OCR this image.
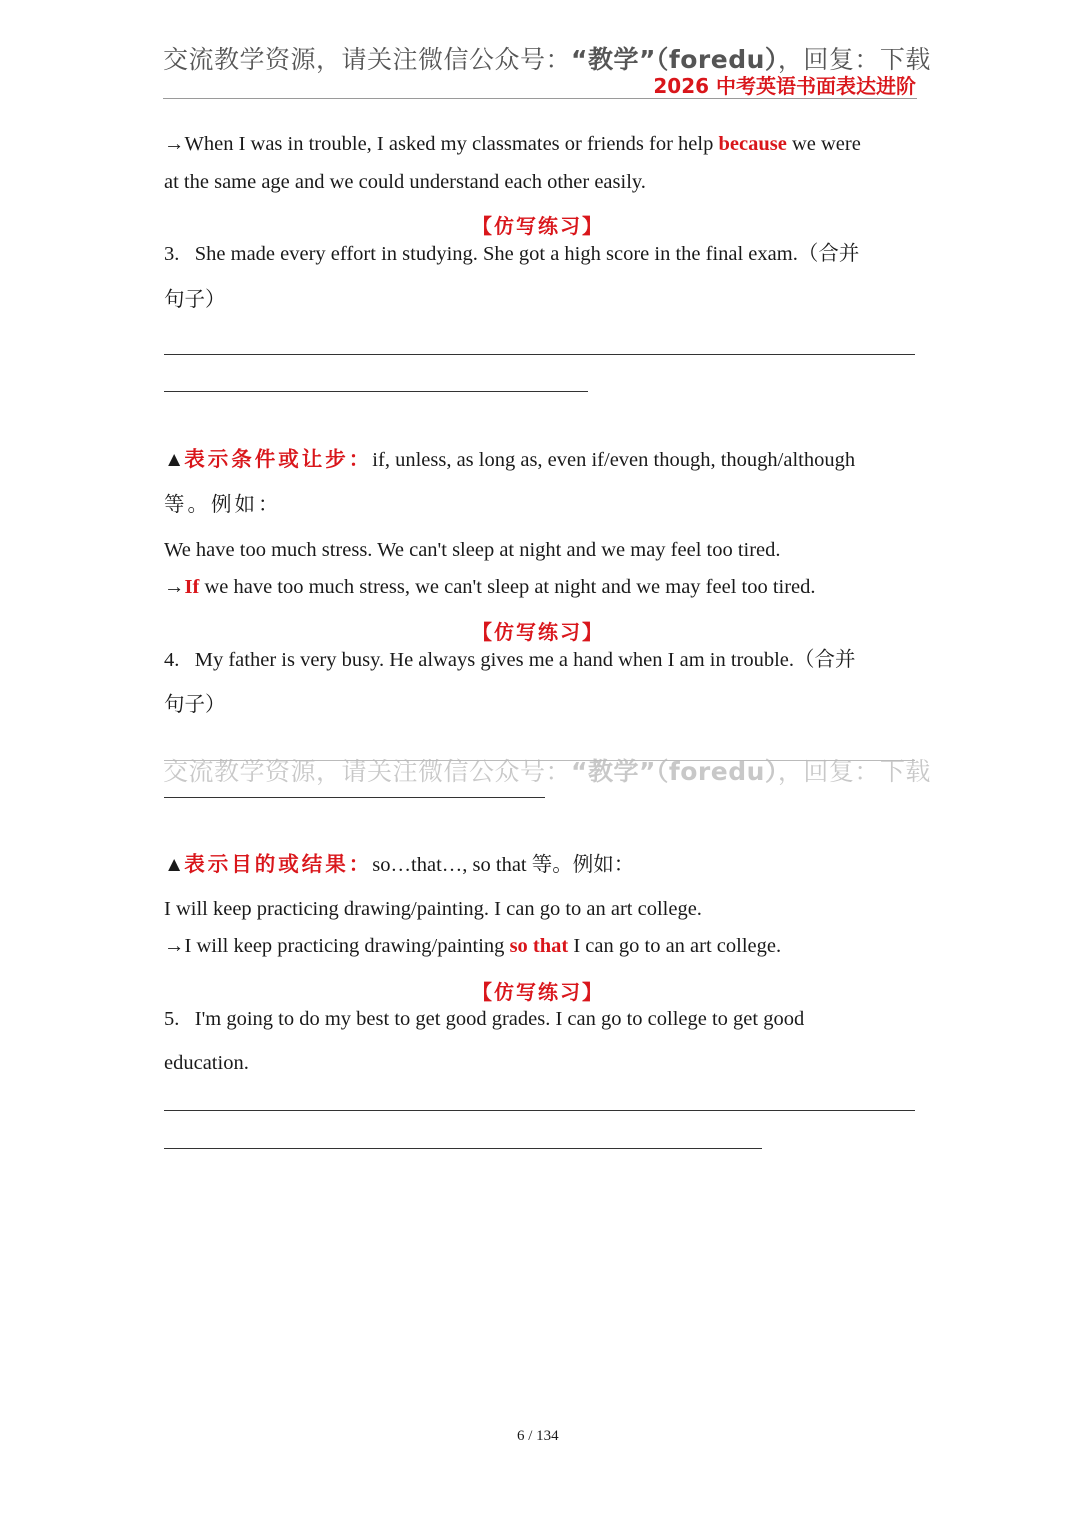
交流教学资源，请关注微信公众号：“教学”（foredu），回复：下载
2026 中考英语书面表达进阶
→When I was in trouble, I asked my classmates or friends for help because we were
at the same age and we could understand each other easily.
【仿写练习】
3. She made every effort in studying. She got a high score in the final exam.（合并
句子）
▲表示条件或让步：if, unless, as long as, even if/even though, though/although
等。例如：
We have too much stress. We can't sleep at night and we may feel too tired.
→If we have too much stress, we can't sleep at night and we may feel too tired.
【仿写练习】
4. My father is very busy. He always gives me a hand when I am in trouble.（合并
句子）
交流教学资源，请关注微信公众号：“教学”（foredu），回复：下载
▲表示目的或结果：so…that…, so that 等。例如：
I will keep practicing drawing/painting. I can go to an art college.
→I will keep practicing drawing/painting so that I can go to an art college.
【仿写练习】
5. I'm going to do my best to get good grades. I can go to college to get good
education.
6 / 134
